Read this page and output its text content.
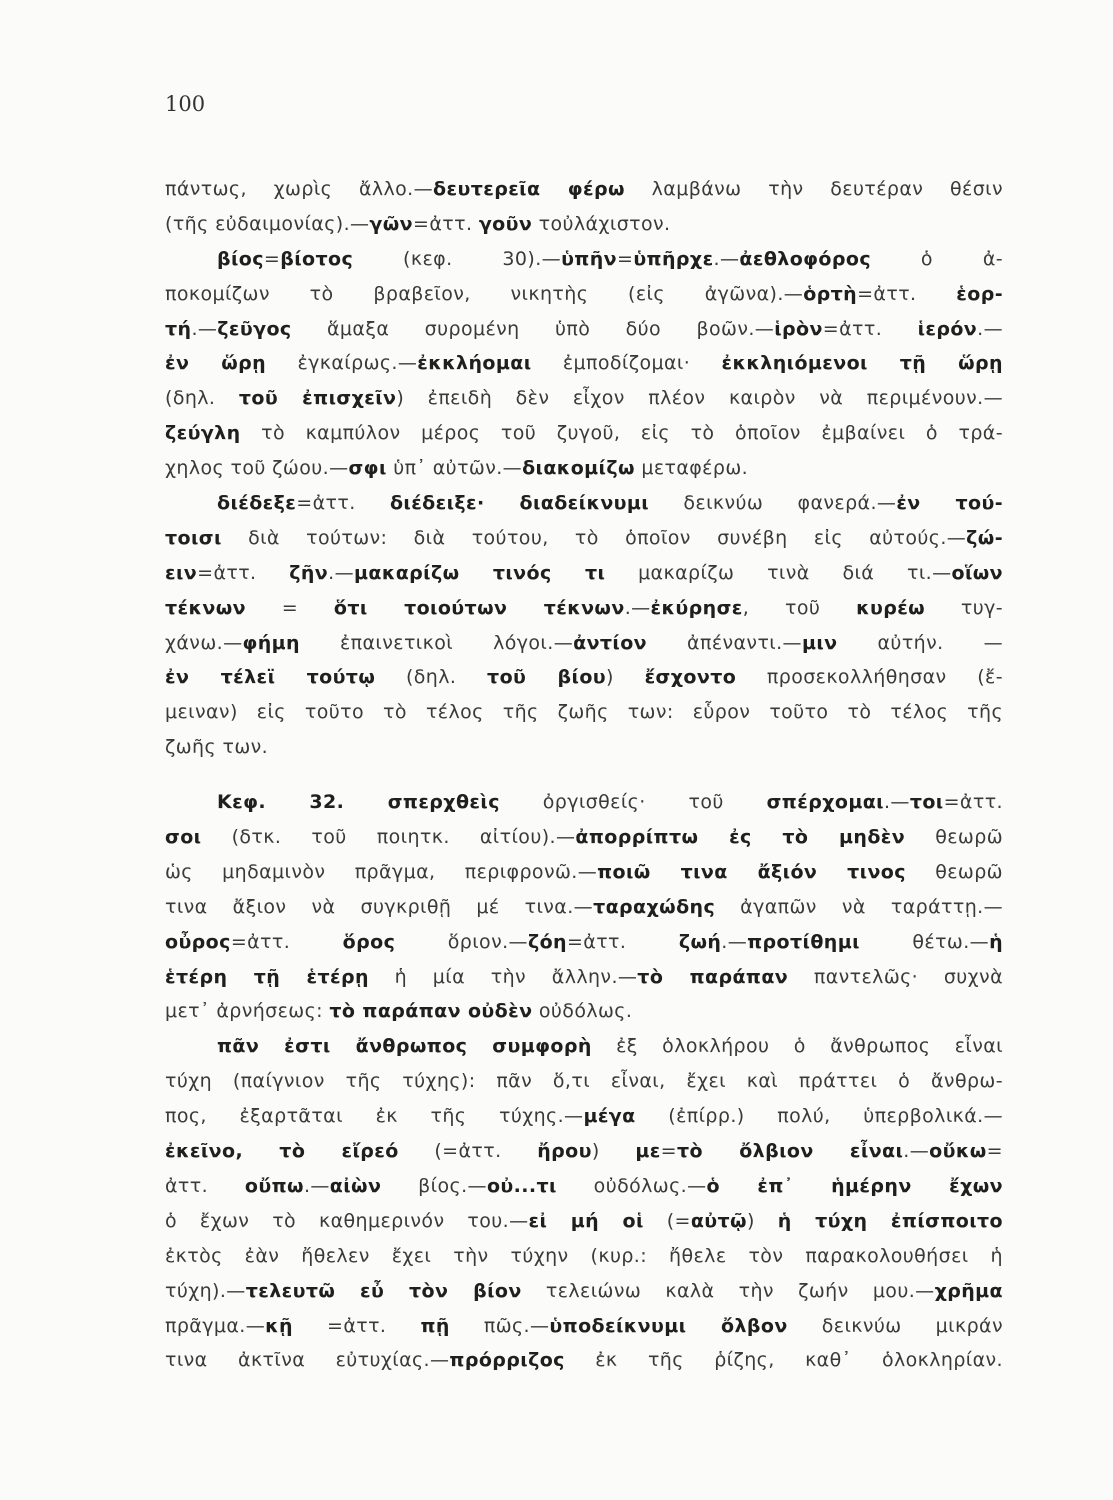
100
πάντως, χωρὶς ἄλλο.—δευτερεῖα φέρω λαμβάνω τὴν δευτέραν θέσιν
(τῆς εὐδαιμονίας).—γῶν=ἀττ. γοῦν τοὐλάχιστον.
βίος=βίοτος (κεφ. 30).—ὑπῆν=ὑπῆρχε.—ἀεθλοφόρος ὁ ἀ-
ποκομίζων τὸ βραβεῖον, νικητὴς (εἰς ἀγῶνα).—ὁρτὴ=ἀττ. ἑορ-
τή.—ζεῦγος ἅμαξα συρομένη ὑπὸ δύο βοῶν.—ἱρὸν=ἀττ. ἱερόν.—
ἐν ὥρῃ ἐγκαίρως.—ἐκκλήομαι ἐμποδίζομαι· ἐκκληιόμενοι τῇ ὥρῃ
(δηλ. τοῦ ἐπισχεῖν) ἐπειδὴ δὲν εἶχον πλέον καιρὸν νὰ περιμένουν.—
ζεύγλη τὸ καμπύλον μέρος τοῦ ζυγοῦ, εἰς τὸ ὁποῖον ἐμβαίνει ὁ τρά-
χηλος τοῦ ζώου.—σφι ὑπ᾽ αὐτῶν.—διακομίζω μεταφέρω.
διέδεξε=ἀττ. διέδειξε· διαδείκνυμι δεικνύω φανερά.—ἐν τού-
τοισι διὰ τούτων: διὰ τούτου, τὸ ὁποῖον συνέβη εἰς αὐτούς.—ζώ-
ειν=ἀττ. ζῆν.—μακαρίζω τινός τι μακαρίζω τινὰ διά τι.—οἵων
τέκνων = ὅτι τοιούτων τέκνων.—ἐκύρησε, τοῦ κυρέω τυγ-
χάνω.—φήμη ἐπαινετικοὶ λόγοι.—ἀντίον ἀπέναντι.—μιν αὐτήν. —
ἐν τέλεϊ τούτῳ (δηλ. τοῦ βίου) ἔσχοντο προσεκολλήθησαν (ἔ-
μειναν) εἰς τοῦτο τὸ τέλος τῆς ζωῆς των: εὗρον τοῦτο τὸ τέλος τῆς
ζωῆς των.
Κεφ. 32. σπερχθεὶς ὀργισθείς· τοῦ σπέρχομαι.—τοι=ἀττ.
σοι (δτκ. τοῦ ποιητκ. αἰτίου).—ἀπορρίπτω ἐς τὸ μηδὲν θεωρῶ
ὡς μηδαμινὸν πρᾶγμα, περιφρονῶ.—ποιῶ τινα ἄξιόν τινος θεωρῶ
τινα ἄξιον νὰ συγκριθῇ μέ τινα.—ταραχώδης ἀγαπῶν νὰ ταράττῃ.—
οὖρος=ἀττ. ὅρος ὅριον.—ζόη=ἀττ. ζωή.—προτίθημι θέτω.—ἡ
ἑτέρη τῇ ἑτέρῃ ἡ μία τὴν ἄλλην.—τὸ παράπαν παντελῶς· συχνὰ
μετ᾽ ἀρνήσεως: τὸ παράπαν οὐδὲν οὐδόλως.
πᾶν ἐστι ἄνθρωπος συμφορὴ ἐξ ὁλοκλήρου ὁ ἄνθρωπος εἶναι
τύχη (παίγνιον τῆς τύχης): πᾶν ὅ,τι εἶναι, ἔχει καὶ πράττει ὁ ἄνθρω-
πος, ἐξαρτᾶται ἐκ τῆς τύχης.—μέγα (ἐπίρρ.) πολύ, ὑπερβολικά.—
ἐκεῖνο, τὸ εἴρεό (=ἀττ. ἤρου) με=τὸ ὄλβιον εἶναι.—οὔκω=
ἀττ. οὔπω.—αἰὼν βίος.—οὐ...τι οὐδόλως.—ὁ ἐπ᾽ ἡμέρην ἔχων
ὁ ἔχων τὸ καθημερινόν του.—εἰ μή οἱ (=αὐτῷ) ἡ τύχη ἐπίσποιτο
ἐκτὸς ἐὰν ἤθελεν ἔχει τὴν τύχην (κυρ.: ἤθελε τὸν παρακολουθήσει ἡ
τύχη).—τελευτῶ εὖ τὸν βίον τελειώνω καλὰ τὴν ζωήν μου.—χρῆμα
πρᾶγμα.—κῇ =ἀττ. πῇ πῶς.—ὑποδείκνυμι ὄλβον δεικνύω μικράν
τινα ἀκτῖνα εὐτυχίας.—πρόρριζος ἐκ τῆς ῥίζης, καθ᾽ ὁλοκληρίαν.
